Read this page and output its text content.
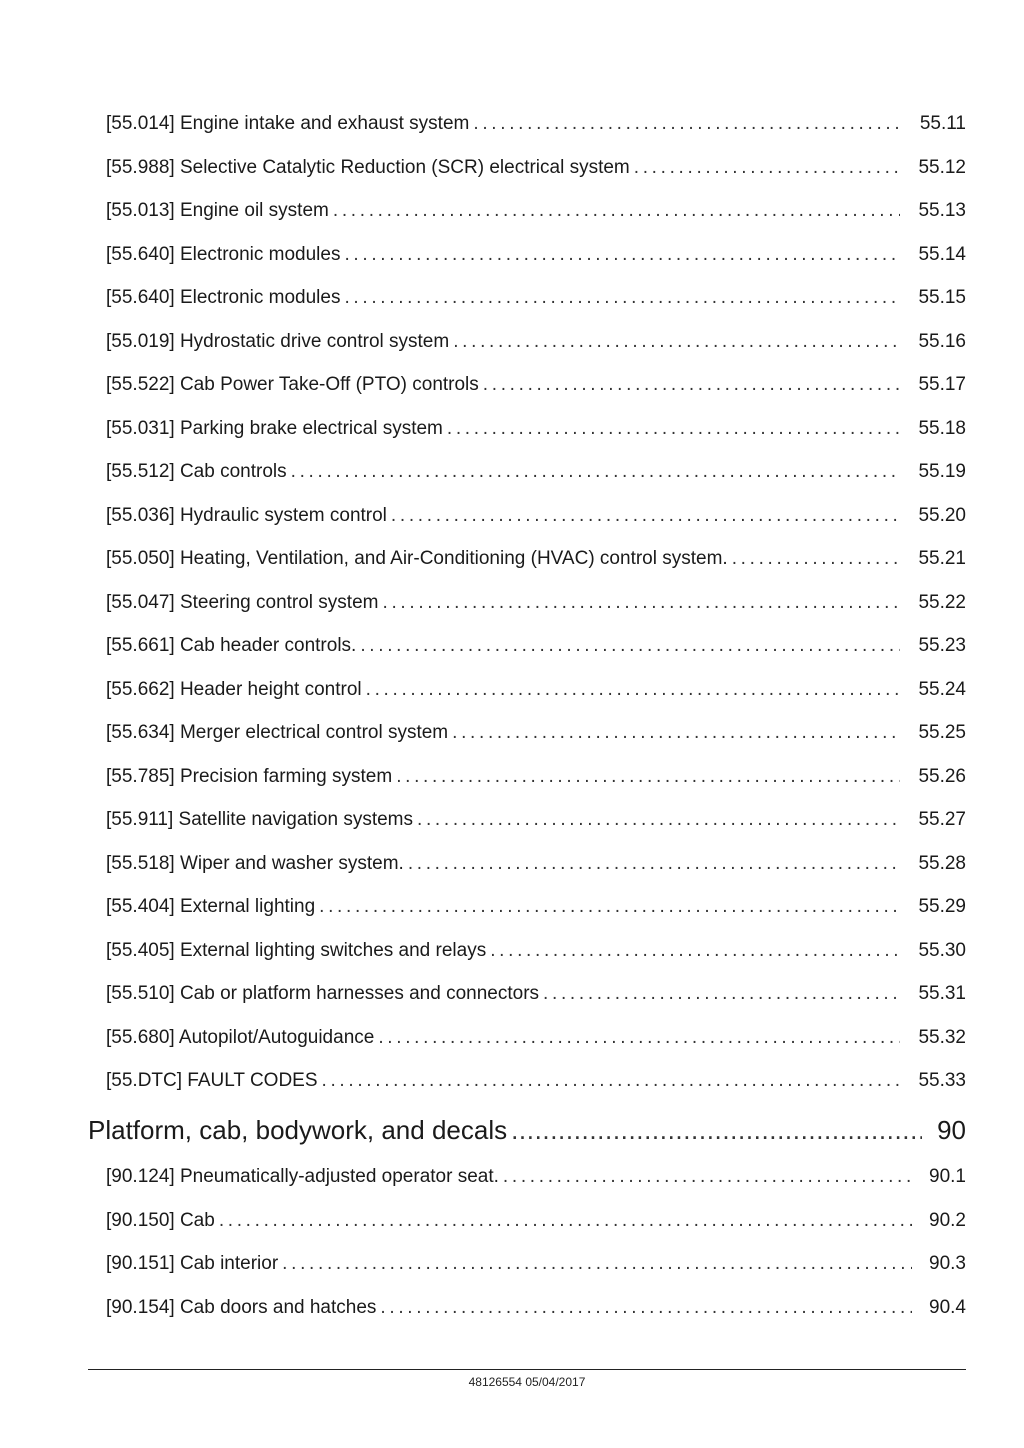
[55.014] Engine intake and exhaust system . . .	55.11
[55.988] Selective Catalytic Reduction (SCR) electrical system . . .	55.12
[55.013] Engine oil system . . .	55.13
[55.640] Electronic modules . . .	55.14
[55.640] Electronic modules . . .	55.15
[55.019] Hydrostatic drive control system . . .	55.16
[55.522] Cab Power Take-Off (PTO) controls . . .	55.17
[55.031] Parking brake electrical system . . .	55.18
[55.512] Cab controls . . .	55.19
[55.036] Hydraulic system control . . .	55.20
[55.050] Heating, Ventilation, and Air-Conditioning (HVAC) control system. . . .	55.21
[55.047] Steering control system . . .	55.22
[55.661] Cab header controls. . . .	55.23
[55.662] Header height control . . .	55.24
[55.634] Merger electrical control system . . .	55.25
[55.785] Precision farming system . . .	55.26
[55.911] Satellite navigation systems . . .	55.27
[55.518] Wiper and washer system. . . .	55.28
[55.404] External lighting . . .	55.29
[55.405] External lighting switches and relays . . .	55.30
[55.510] Cab or platform harnesses and connectors . . .	55.31
[55.680] Autopilot/Autoguidance . . .	55.32
[55.DTC] FAULT CODES . . .	55.33
Platform, cab, bodywork, and decals .....	90
[90.124] Pneumatically-adjusted operator seat. . . .	90.1
[90.150] Cab . . .	90.2
[90.151] Cab interior . . .	90.3
[90.154] Cab doors and hatches . . .	90.4
48126554 05/04/2017
